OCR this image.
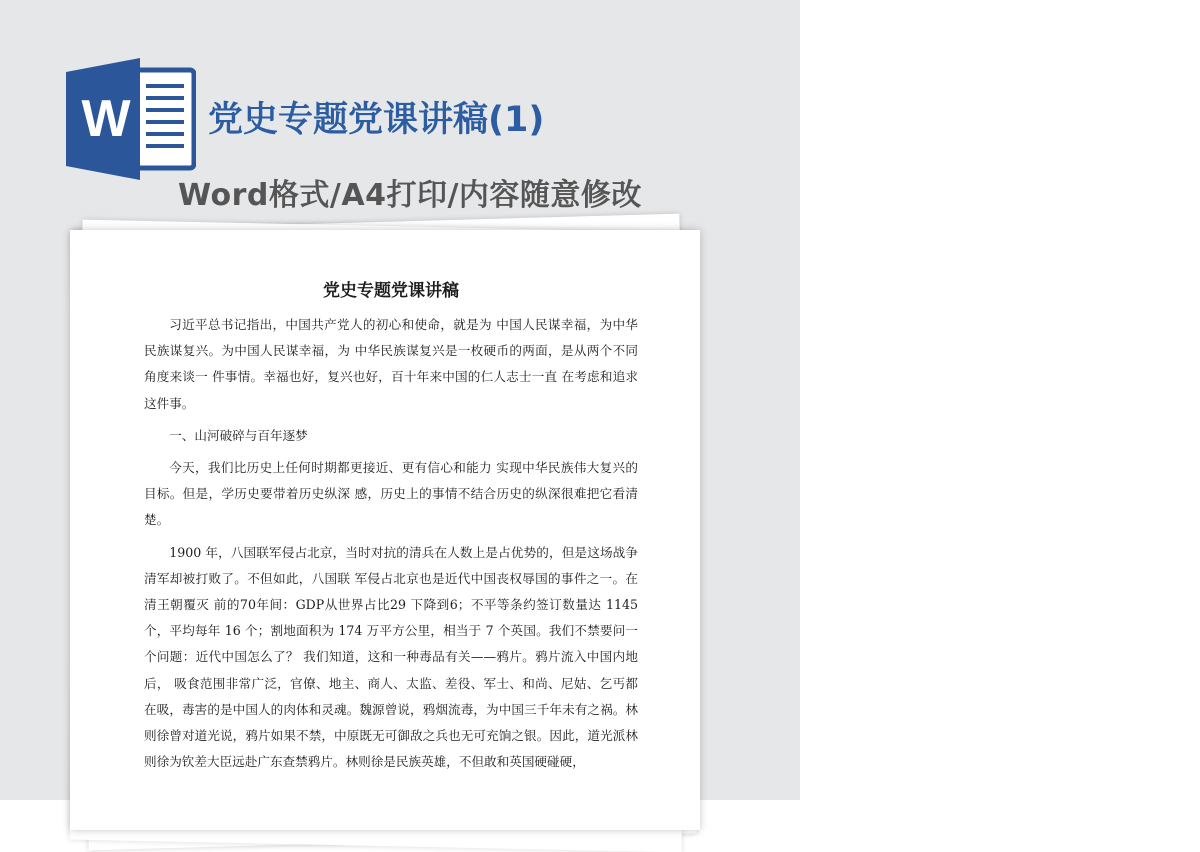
W 党史专题党课讲稿(1)
Word格式/A4打印/内容随意修改
党史专题党课讲稿

习近平总书记指出，中国共产党人的初心和使命，就是为 中国人民谋幸福，为中华民族谋复兴。为中国人民谋幸福，为 中华民族谋复兴是一枚硬币的两面，是从两个不同角度来谈一 件事情。幸福也好，复兴也好，百十年来中国的仁人志士一直 在考虑和追求这件事。

一、山河破碎与百年逐梦

今天，我们比历史上任何时期都更接近、更有信心和能力 实现中华民族伟大复兴的目标。但是，学历史要带着历史纵深 感，历史上的事情不结合历史的纵深很难把它看清楚。

1900 年，八国联军侵占北京，当时对抗的清兵在人数上是占优势的，但是这场战争清军却被打败了。不但如此，八国联 军侵占北京也是近代中国丧权辱国的事件之一。在清王朝覆灭 前的70年间：GDP从世界占比29 下降到6；不平等条约签订数量达 1145 个，平均每年 16 个；割地面积为 174 万平方公里，相当于 7 个英国。我们不禁要问一个问题：近代中国怎么了？ 我们知道，这和一种毒品有关——鸦片。鸦片流入中国内地后， 吸食范围非常广泛，官僚、地主、商人、太监、差役、军士、和尚、尼姑、乞丐都在吸，毒害的是中国人的肉体和灵魂。魏源曾说，鸦烟流毒，为中国三千年未有之祸。林则徐曾对道光说，鸦片如果不禁，中原既无可御敌之兵也无可充饷之银。因此，道光派林则徐为钦差大臣远赴广东查禁鸦片。林则徐是民族英雄，不但敢和英国硬碰硬，
